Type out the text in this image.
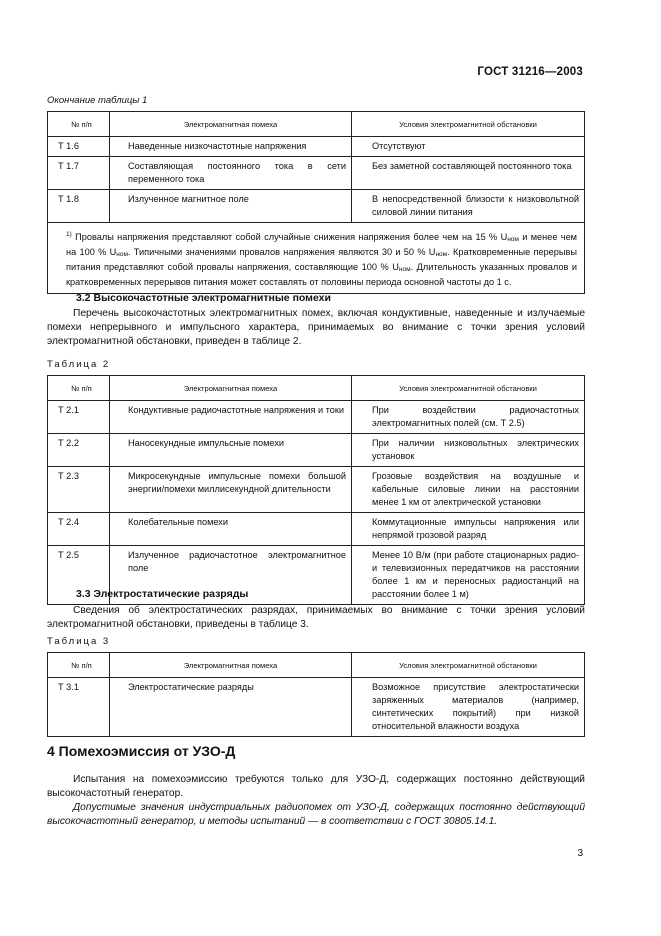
ГОСТ 31216—2003
Окончание таблицы 1
№ п/п	Электромагнитная помеха	Условия электромагнитной обстановки
Т 1.6	Наведенные низкочастотные напряжения	Отсутствуют
Т 1.7	Составляющая постоянного тока в сети переменного тока	Без заметной составляющей постоянного тока
Т 1.8	Излученное магнитное поле	В непосредственной близости к низковольтной силовой линии питания
$^{1)}$ Провалы напряжения представляют собой случайные снижения напряжения более чем на 15 % $U_{ном}$ и менее чем на 100 % $U_{ном}$. Типичными значениями провалов напряжения являются 30 и 50 % $U_{ном}$. Кратковременные перерывы питания представляют собой провалы напряжения, составляющие 100 % $U_{ном}$. Длительность указанных провалов и кратковременных перерывов питания может составлять от половины периода основной частоты до 1 с.		
3.2 Высокочастотные электромагнитные помехи
Перечень высокочастотных электромагнитных помех, включая кондуктивные, наведенные и излучаемые помехи непрерывного и импульсного характера, принимаемых во внимание с точки зрения условий электромагнитной обстановки, приведен в таблице 2.
Таблица 2
№ п/п	Электромагнитная помеха	Условия электромагнитной обстановки
Т 2.1	Кондуктивные радиочастотные напряжения и токи	При воздействии радиочастотных электромагнитных полей (см. Т 2.5)
Т 2.2	Наносекундные импульсные помехи	При наличии низковольтных электрических установок
Т 2.3	Микросекундные импульсные помехи большой энергии/помехи миллисекундной длительности	Грозовые воздействия на воздушные и кабельные силовые линии на расстоянии менее 1 км от электрической установки
Т 2.4	Колебательные помехи	Коммутационные импульсы напряжения или непрямой грозовой разряд
Т 2.5	Излученное радиочастотное электромагнитное поле	Менее 10 В/м (при работе стационарных радио- и телевизионных передатчиков на расстоянии более 1 км и переносных радиостанций на расстоянии более 1 м)
3.3 Электростатические разряды
Сведения об электростатических разрядах, принимаемых во внимание с точки зрения условий электромагнитной обстановки, приведены в таблице 3.
Таблица 3
№ п/п	Электромагнитная помеха	Условия электромагнитной обстановки
Т 3.1	Электростатические разряды	Возможное присутствие электростатически заряженных материалов (например, синтетических покрытий) при низкой относительной влажности воздуха
4 Помехоэмиссия от УЗО-Д
Испытания на помехоэмиссию требуются только для УЗО-Д, содержащих постоянно действующий высокочастотный генератор.
Допустимые значения индустриальных радиопомех от УЗО-Д, содержащих постоянно действующий высокочастотный генератор, и методы испытаний — в соответствии с ГОСТ 30805.14.1.
3
